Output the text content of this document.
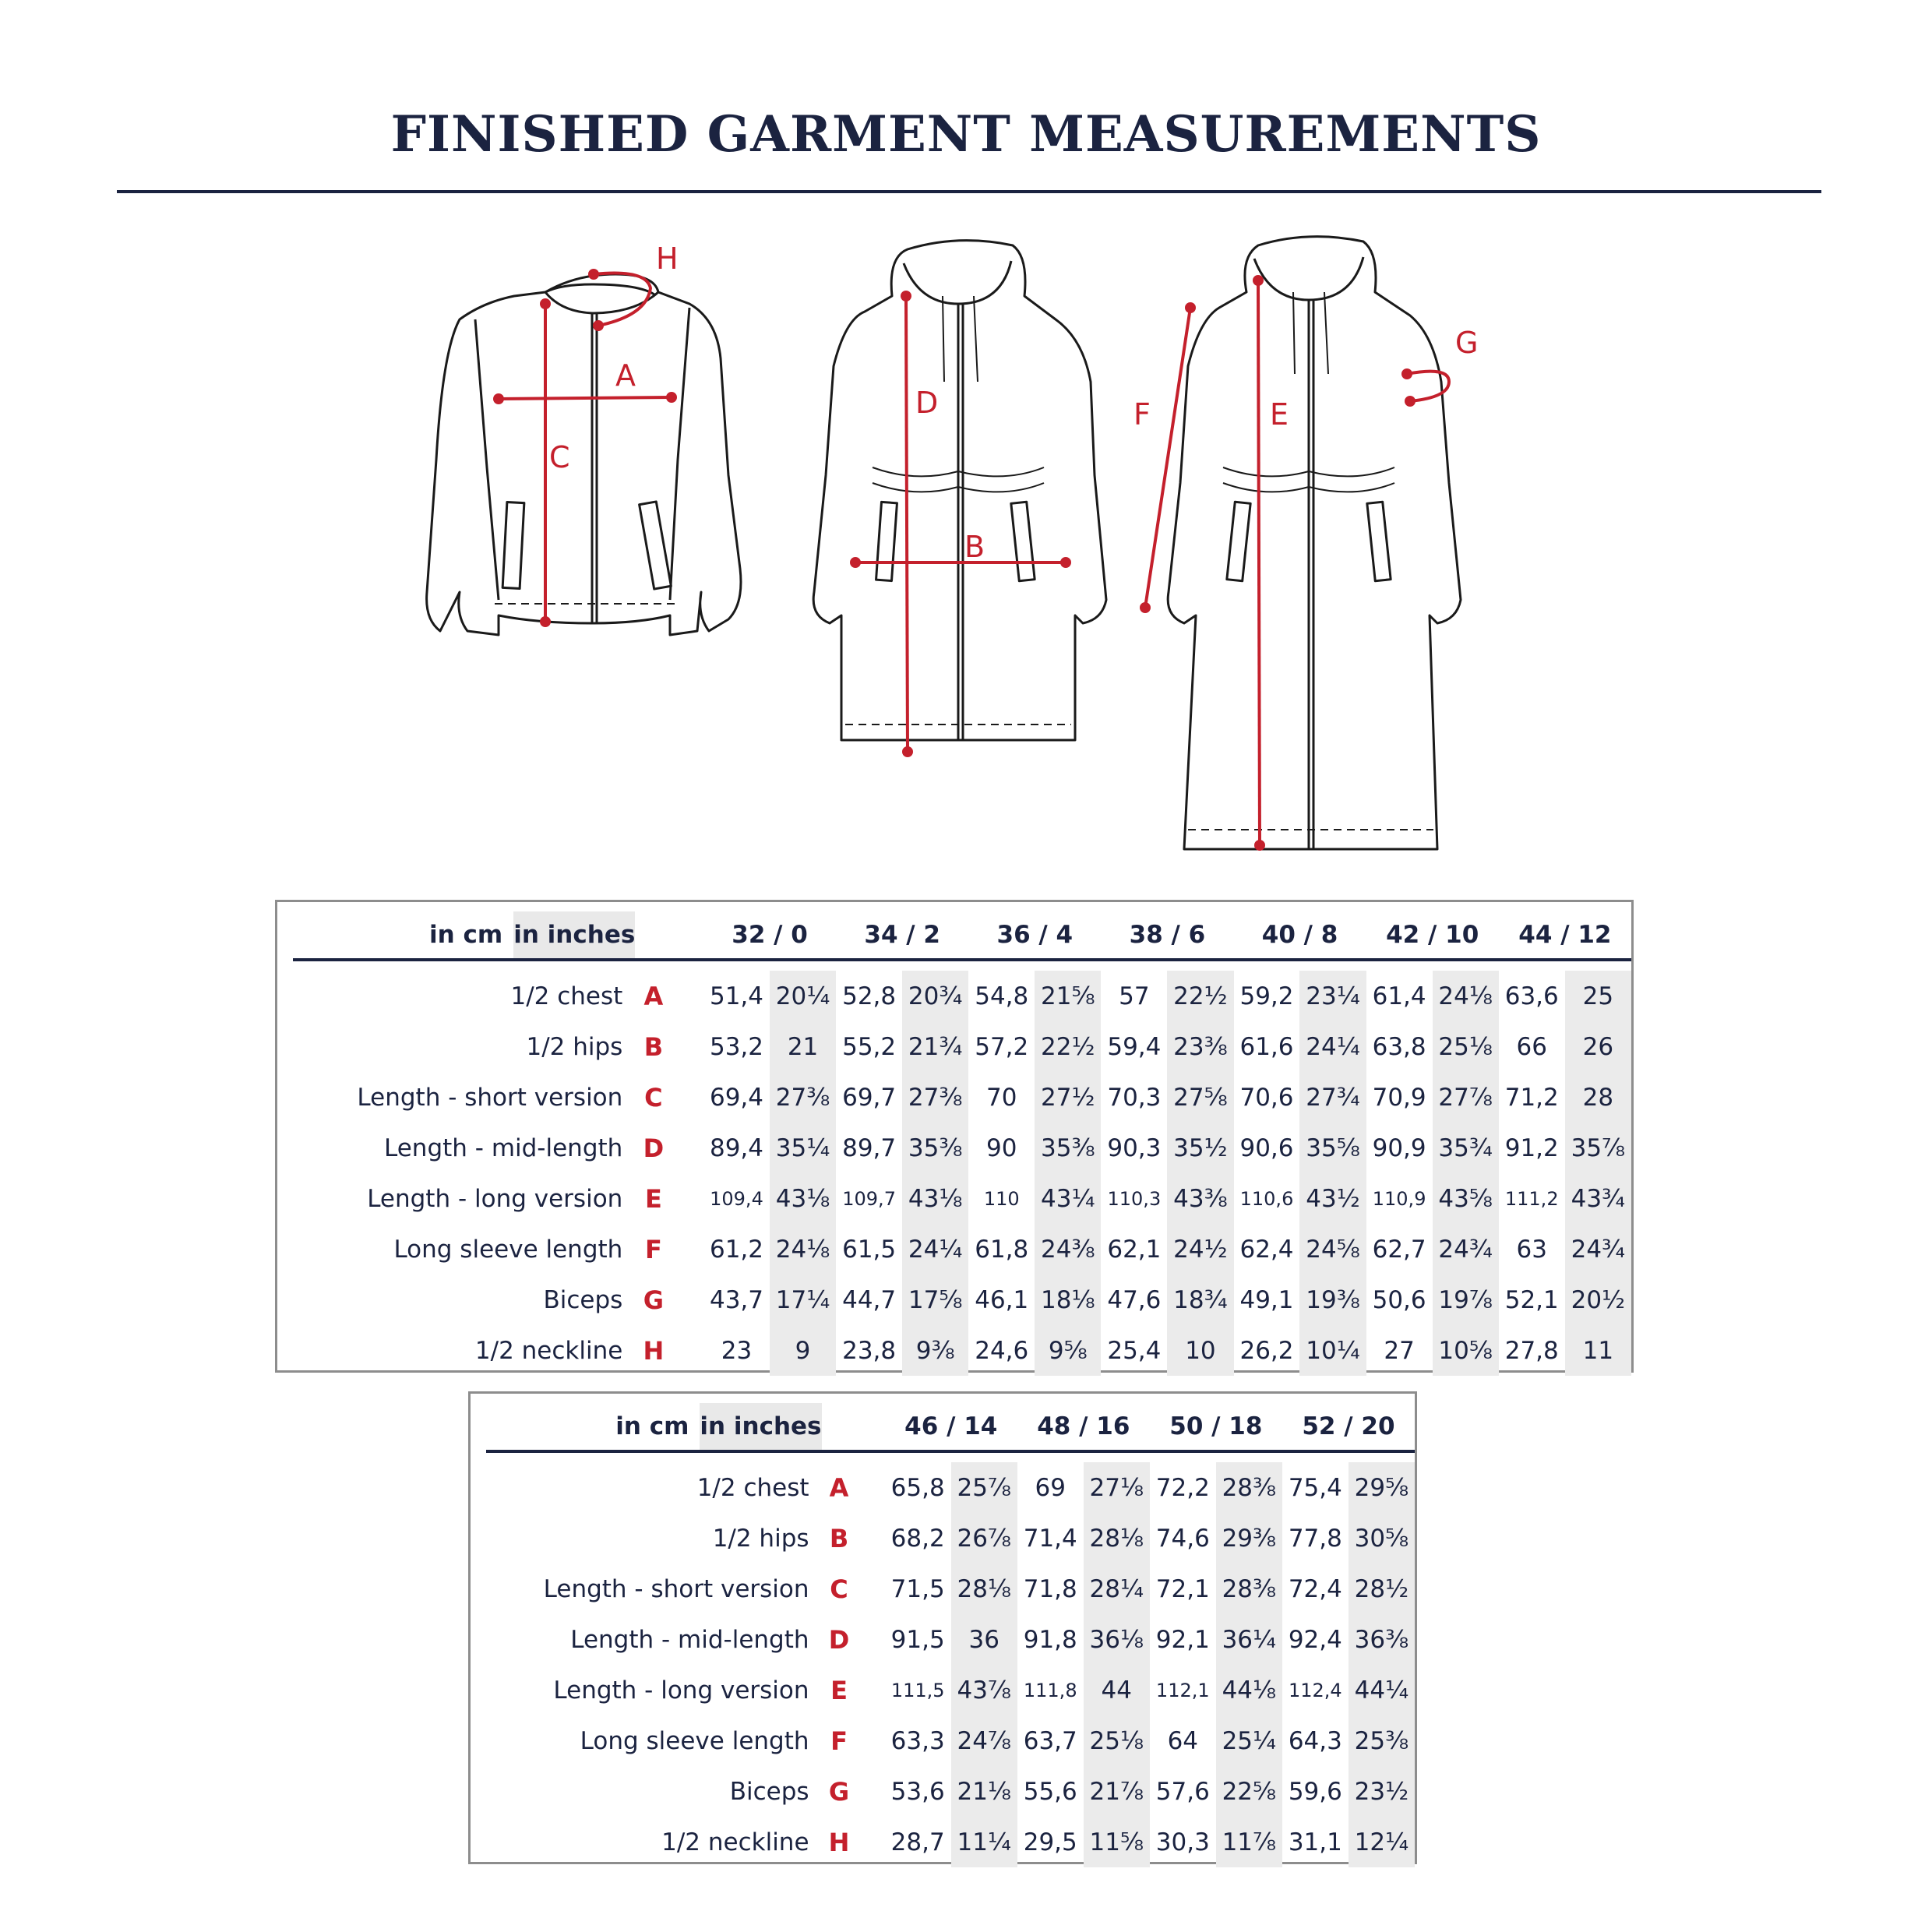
FINISHED GARMENT MEASUREMENTS
H
A
C
D
B
F	E
G
in cm	in inches			32 / 0		34 / 2		36 / 4		38 / 6		40 / 8		42 / 10		44 / 12	

1/2 chest		A		51,4	20¼	52,8	20¾	54,8	21⅝	57	22½	59,2	23¼	61,4	24⅛	63,6	25
1/2 hips		B		53,2	21	55,2	21¾	57,2	22½	59,4	23⅜	61,6	24¼	63,8	25⅛	66	26
Length - short version		C		69,4	27⅜	69,7	27⅜	70	27½	70,3	27⅝	70,6	27¾	70,9	27⅞	71,2	28
Length - mid-length		D		89,4	35¼	89,7	35⅜	90	35⅜	90,3	35½	90,6	35⅝	90,9	35¾	91,2	35⅞
Length - long version		E		109,4	43⅛	109,7	43⅛	110	43¼	110,3	43⅜	110,6	43½	110,9	43⅝	111,2	43¾
Long sleeve length		F		61,2	24⅛	61,5	24¼	61,8	24⅜	62,1	24½	62,4	24⅝	62,7	24¾	63	24¾
Biceps		G		43,7	17¼	44,7	17⅝	46,1	18⅛	47,6	18¾	49,1	19⅜	50,6	19⅞	52,1	20½
1/2 neckline		H		23	9	23,8	9⅜	24,6	9⅝	25,4	10	26,2	10¼	27	10⅝	27,8	11
in cm	in inches			46 / 14		48 / 16		50 / 18		52 / 20	

1/2 chest		A		65,8	25⅞	69	27⅛	72,2	28⅜	75,4	29⅝
1/2 hips		B		68,2	26⅞	71,4	28⅛	74,6	29⅜	77,8	30⅝
Length - short version		C		71,5	28⅛	71,8	28¼	72,1	28⅜	72,4	28½
Length - mid-length		D		91,5	36	91,8	36⅛	92,1	36¼	92,4	36⅜
Length - long version		E		111,5	43⅞	111,8	44	112,1	44⅛	112,4	44¼
Long sleeve length		F		63,3	24⅞	63,7	25⅛	64	25¼	64,3	25⅜
Biceps		G		53,6	21⅛	55,6	21⅞	57,6	22⅝	59,6	23½
1/2 neckline		H		28,7	11¼	29,5	11⅝	30,3	11⅞	31,1	12¼
